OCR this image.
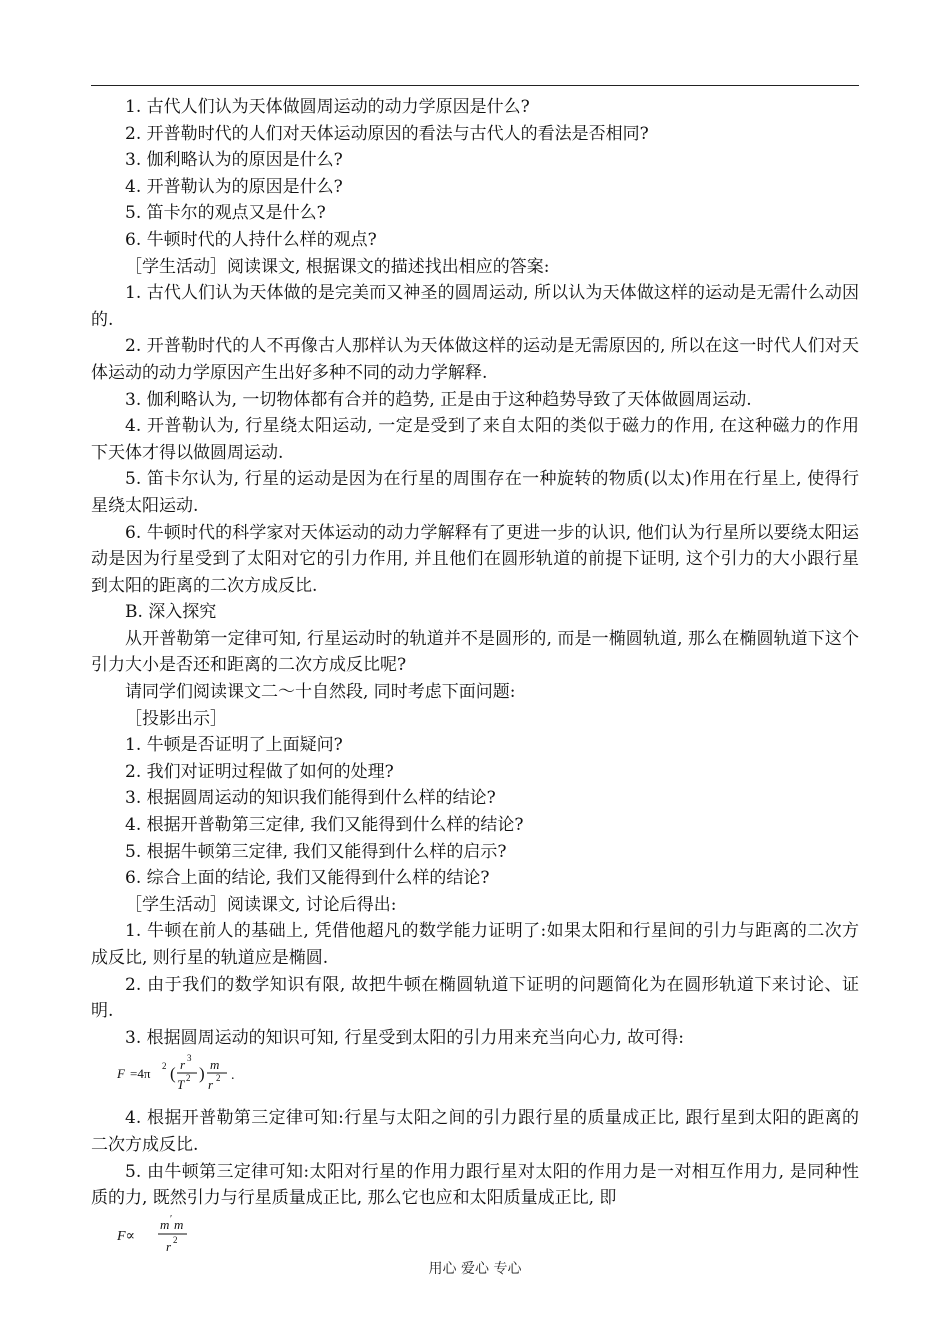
1. 古代人们认为天体做圆周运动的动力学原因是什么?

2. 开普勒时代的人们对天体运动原因的看法与古代人的看法是否相同?

3. 伽利略认为的原因是什么?

4. 开普勒认为的原因是什么?

5. 笛卡尔的观点又是什么?

6. 牛顿时代的人持什么样的观点?

［学生活动］阅读课文, 根据课文的描述找出相应的答案:

1. 古代人们认为天体做的是完美而又神圣的圆周运动, 所以认为天体做这样的运动是无需什么动因的.

2. 开普勒时代的人不再像古人那样认为天体做这样的运动是无需原因的, 所以在这一时代人们对天体运动的动力学原因产生出好多种不同的动力学解释.

3. 伽利略认为, 一切物体都有合并的趋势, 正是由于这种趋势导致了天体做圆周运动.

4. 开普勒认为, 行星绕太阳运动, 一定是受到了来自太阳的类似于磁力的作用, 在这种磁力的作用下天体才得以做圆周运动.

5. 笛卡尔认为, 行星的运动是因为在行星的周围存在一种旋转的物质(以太)作用在行星上, 使得行星绕太阳运动.

6. 牛顿时代的科学家对天体运动的动力学解释有了更进一步的认识, 他们认为行星所以要绕太阳运动是因为行星受到了太阳对它的引力作用, 并且他们在圆形轨道的前提下证明, 这个引力的大小跟行星到太阳的距离的二次方成反比.

B. 深入探究

从开普勒第一定律可知, 行星运动时的轨道并不是圆形的, 而是一椭圆轨道, 那么在椭圆轨道下这个引力大小是否还和距离的二次方成反比呢?

请同学们阅读课文二～十自然段, 同时考虑下面问题:

［投影出示］

1. 牛顿是否证明了上面疑问?

2. 我们对证明过程做了如何的处理?

3. 根据圆周运动的知识我们能得到什么样的结论?

4. 根据开普勒第三定律, 我们又能得到什么样的结论?

5. 根据牛顿第三定律, 我们又能得到什么样的启示?

6. 综合上面的结论, 我们又能得到什么样的结论?

［学生活动］阅读课文, 讨论后得出:

1. 牛顿在前人的基础上, 凭借他超凡的数学能力证明了:如果太阳和行星间的引力与距离的二次方成反比, 则行星的轨道应是椭圆.

2. 由于我们的数学知识有限, 故把牛顿在椭圆轨道下证明的问题简化为在圆形轨道下来讨论、证明.

3. 根据圆周运动的知识可知, 行星受到太阳的引力用来充当向心力, 故可得:

F =4π 2 ( r 3
T 2 ) m
r 2 .

4. 根据开普勒第三定律可知:行星与太阳之间的引力跟行星的质量成正比, 跟行星到太阳的距离的二次方成反比.

5. 由牛顿第三定律可知:太阳对行星的作用力跟行星对太阳的作用力是一对相互作用力, 是同种性质的力, 既然引力与行星质量成正比, 那么它也应和太阳质量成正比, 即

F∝
m ′ m
r 2
用心 爱心 专心
